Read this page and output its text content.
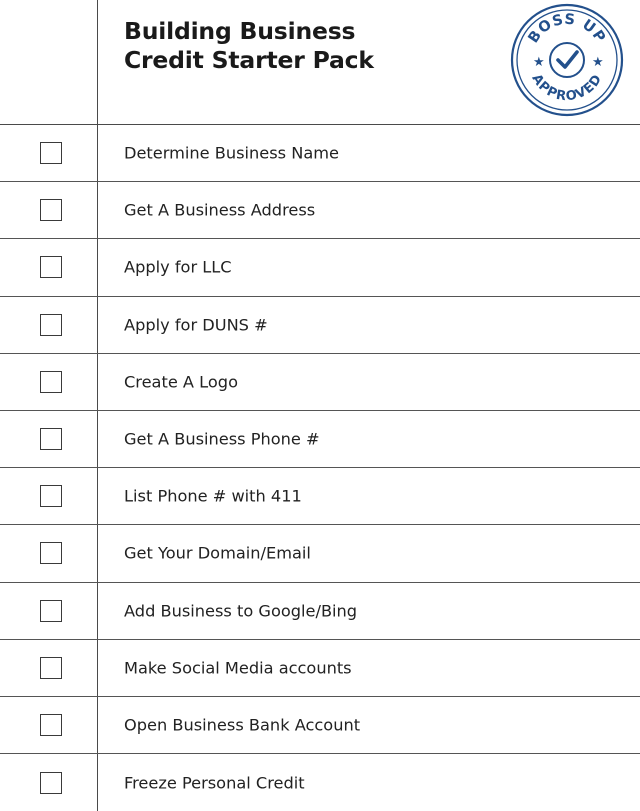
Building Business
Credit Starter Pack	★	★
BOSS UP
APPROVED
Determine Business Name
Get A Business Address
Apply for LLC
Apply for DUNS #
Create A Logo
Get A Business Phone #
List Phone # with 411
Get Your Domain/Email
Add Business to Google/Bing
Make Social Media accounts
Open Business Bank Account
Freeze Personal Credit
